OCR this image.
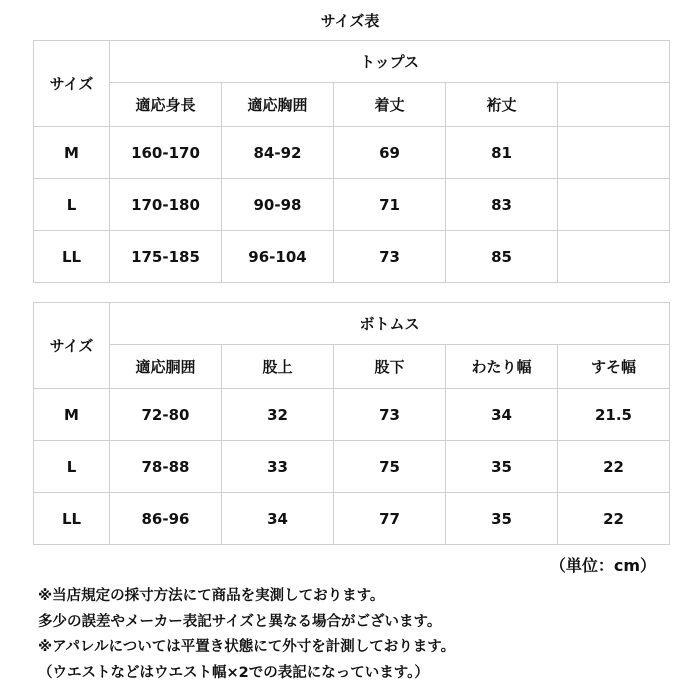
サイズ表
サイズ	トップス				
	適応身長	適応胸囲	着丈	裄丈	
M	160-170	84-92	69	81	
L	170-180	90-98	71	83	
LL	175-185	96-104	73	85	
サイズ	ボトムス				
	適応胴囲	股上	股下	わたり幅	すそ幅
M	72-80	32	73	34	21.5
L	78-88	33	75	35	22
LL	86-96	34	77	35	22
（単位：cm）
※当店規定の採寸方法にて商品を実測しております。
多少の誤差やメーカー表記サイズと異なる場合がございます。
※アパレルについては平置き状態にて外寸を計測しております。
（ウエストなどはウエスト幅×2での表記になっています。）
